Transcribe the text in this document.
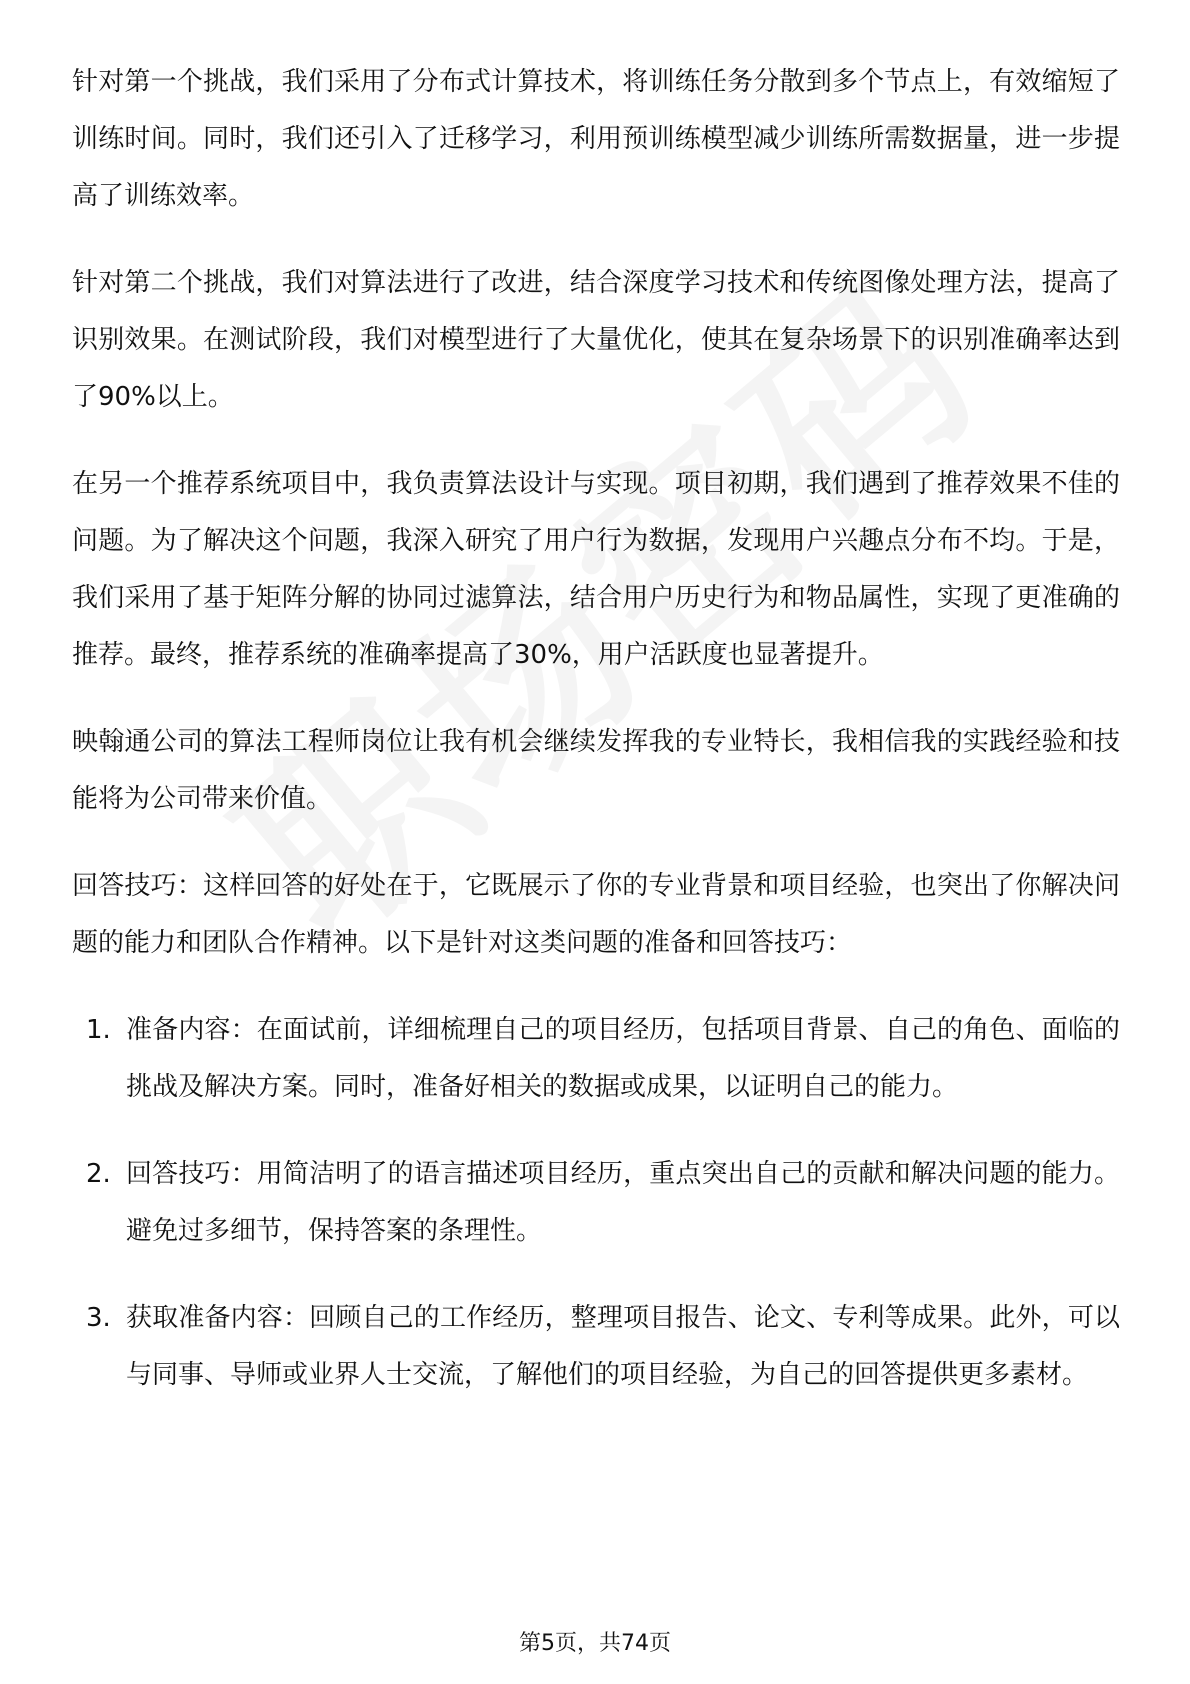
针对第一个挑战，我们采用了分布式计算技术，将训练任务分散到多个节点上，有效缩短了训练时间。同时，我们还引入了迁移学习，利用预训练模型减少训练所需数据量，进一步提高了训练效率。

针对第二个挑战，我们对算法进行了改进，结合深度学习技术和传统图像处理方法，提高了识别效果。在测试阶段，我们对模型进行了大量优化，使其在复杂场景下的识别准确率达到了90%以上。

在另一个推荐系统项目中，我负责算法设计与实现。项目初期，我们遇到了推荐效果不佳的问题。为了解决这个问题，我深入研究了用户行为数据，发现用户兴趣点分布不均。于是，我们采用了基于矩阵分解的协同过滤算法，结合用户历史行为和物品属性，实现了更准确的推荐。最终，推荐系统的准确率提高了30%，用户活跃度也显著提升。

映翰通公司的算法工程师岗位让我有机会继续发挥我的专业特长，我相信我的实践经验和技能将为公司带来价值。

回答技巧：这样回答的好处在于，它既展示了你的专业背景和项目经验，也突出了你解决问题的能力和团队合作精神。以下是针对这类问题的准备和回答技巧：

1. 准备内容：在面试前，详细梳理自己的项目经历，包括项目背景、自己的角色、面临的挑战及解决方案。同时，准备好相关的数据或成果，以证明自己的能力。
2. 回答技巧：用简洁明了的语言描述项目经历，重点突出自己的贡献和解决问题的能力。避免过多细节，保持答案的条理性。
3. 获取准备内容：回顾自己的工作经历，整理项目报告、论文、专利等成果。此外，可以与同事、导师或业界人士交流，了解他们的项目经验，为自己的回答提供更多素材。
第5页，共74页
